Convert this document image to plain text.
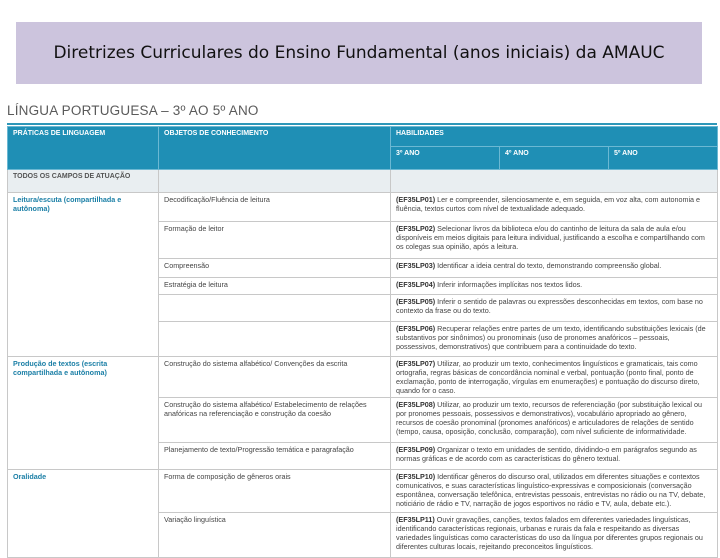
Diretrizes Curriculares do Ensino Fundamental (anos iniciais) da AMAUC
LÍNGUA PORTUGUESA – 3º AO 5º ANO
PRÁTICAS DE LINGUAGEM	OBJETOS DE CONHECIMENTO	HABILIDADES		
		3º ANO	4º ANO	5º ANO
TODOS OS CAMPOS DE ATUAÇÃO				
Leitura/escuta (compartilhada e autônoma)	Decodificação/Fluência de leitura	(EF35LP01) Ler e compreender, silenciosamente e, em seguida, em voz alta, com autonomia e fluência, textos curtos com nível de textualidade adequado.		
	Formação de leitor	(EF35LP02) Selecionar livros da biblioteca e/ou do cantinho de leitura da sala de aula e/ou disponíveis em meios digitais para leitura individual, justificando a escolha e compartilhando com os colegas sua opinião, após a leitura.		
	Compreensão	(EF35LP03) Identificar a ideia central do texto, demonstrando compreensão global.		
	Estratégia de leitura	(EF35LP04) Inferir informações implícitas nos textos lidos.		
		(EF35LP05) Inferir o sentido de palavras ou expressões desconhecidas em textos, com base no contexto da frase ou do texto.		
		(EF35LP06) Recuperar relações entre partes de um texto, identificando substituições lexicais (de substantivos por sinônimos) ou pronominais (uso de pronomes anafóricos – pessoais, possessivos, demonstrativos) que contribuem para a continuidade do texto.		
Produção de textos (escrita compartilhada e autônoma)	Construção do sistema alfabético/ Convenções da escrita	(EF35LP07) Utilizar, ao produzir um texto, conhecimentos linguísticos e gramaticais, tais como ortografia, regras básicas de concordância nominal e verbal, pontuação (ponto final, ponto de exclamação, ponto de interrogação, vírgulas em enumerações) e pontuação do discurso direto, quando for o caso.		
	Construção do sistema alfabético/ Estabelecimento de relações anafóricas na referenciação e construção da coesão	(EF35LP08) Utilizar, ao produzir um texto, recursos de referenciação (por substituição lexical ou por pronomes pessoais, possessivos e demonstrativos), vocabulário apropriado ao gênero, recursos de coesão pronominal (pronomes anafóricos) e articuladores de relações de sentido (tempo, causa, oposição, conclusão, comparação), com nível suficiente de informatividade.		
	Planejamento de texto/Progressão temática e paragrafação	(EF35LP09) Organizar o texto em unidades de sentido, dividindo-o em parágrafos segundo as normas gráficas e de acordo com as características do gênero textual.		
Oralidade	Forma de composição de gêneros orais	(EF35LP10) Identificar gêneros do discurso oral, utilizados em diferentes situações e contextos comunicativos, e suas características linguístico-expressivas e composicionais (conversação espontânea, conversação telefônica, entrevistas pessoais, entrevistas no rádio ou na TV, debate, noticiário de rádio e TV, narração de jogos esportivos no rádio e TV, aula, debate etc.).		
	Variação linguística	(EF35LP11) Ouvir gravações, canções, textos falados em diferentes variedades linguísticas, identificando características regionais, urbanas e rurais da fala e respeitando as diversas variedades linguísticas como características do uso da língua por diferentes grupos regionais ou diferentes culturas locais, rejeitando preconceitos linguísticos.		
